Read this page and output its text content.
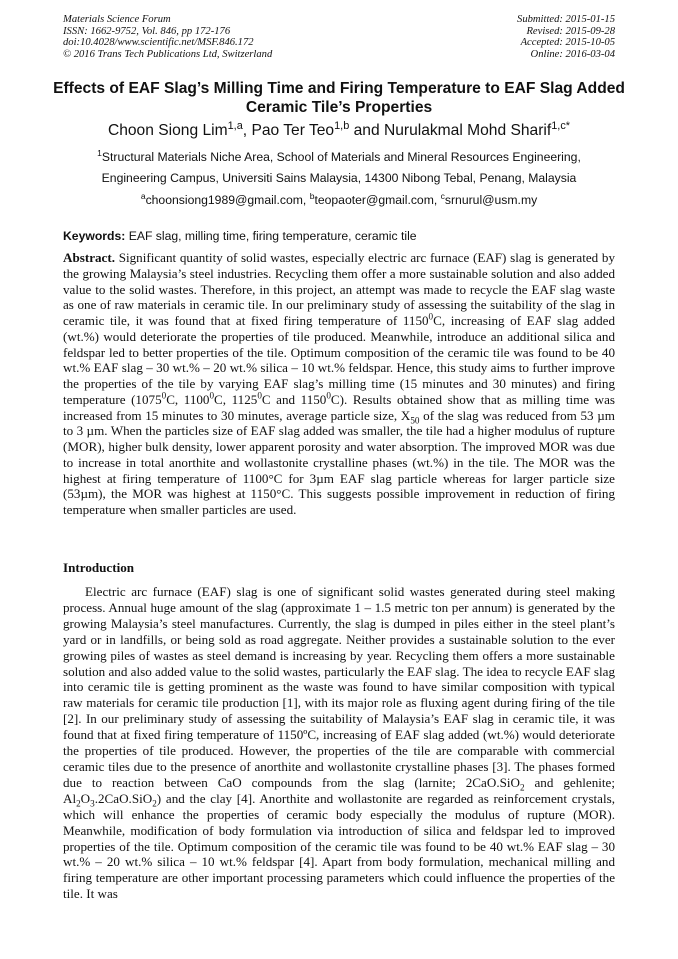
Materials Science Forum
ISSN: 1662-9752, Vol. 846, pp 172-176
doi:10.4028/www.scientific.net/MSF.846.172
© 2016 Trans Tech Publications Ltd, Switzerland
Submitted: 2015-01-15
Revised: 2015-09-28
Accepted: 2015-10-05
Online: 2016-03-04
Effects of EAF Slag’s Milling Time and Firing Temperature to EAF Slag Added Ceramic Tile’s Properties
Choon Siong Lim$^{1,a}$, Pao Ter Teo$^{1,b}$ and Nurulakmal Mohd Sharif$^{1,c*}$
$^1$Structural Materials Niche Area, School of Materials and Mineral Resources Engineering,
Engineering Campus, Universiti Sains Malaysia, 14300 Nibong Tebal, Penang, Malaysia
$^a$choonsiong1989@gmail.com, $^b$teopaoter@gmail.com, $^c$srnurul@usm.my
Keywords: EAF slag, milling time, firing temperature, ceramic tile
Abstract. Significant quantity of solid wastes, especially electric arc furnace (EAF) slag is generated by the growing Malaysia’s steel industries. Recycling them offer a more sustainable solution and also added value to the solid wastes. Therefore, in this project, an attempt was made to recycle the EAF slag waste as one of raw materials in ceramic tile. In our preliminary study of assessing the suitability of the slag in ceramic tile, it was found that at fixed firing temperature of 1150$^0$C, increasing of EAF slag added (wt.%) would deteriorate the properties of tile produced. Meanwhile, introduce an additional silica and feldspar led to better properties of the tile. Optimum composition of the ceramic tile was found to be 40 wt.% EAF slag – 30 wt.% – 20 wt.% silica – 10 wt.% feldspar. Hence, this study aims to further improve the properties of the tile by varying EAF slag’s milling time (15 minutes and 30 minutes) and firing temperature (1075$^0$C, 1100$^0$C, 1125$^0$C and 1150$^0$C). Results obtained show that as milling time was increased from 15 minutes to 30 minutes, average particle size, $X_{50}$ of the slag was reduced from 53 µm to 3 µm. When the particles size of EAF slag added was smaller, the tile had a higher modulus of rupture (MOR), higher bulk density, lower apparent porosity and water absorption. The improved MOR was due to increase in total anorthite and wollastonite crystalline phases (wt.%) in the tile. The MOR was the highest at firing temperature of 1100°C for 3µm EAF slag particle whereas for larger particle size (53µm), the MOR was highest at 1150°C. This suggests possible improvement in reduction of firing temperature when smaller particles are used.
Introduction
Electric arc furnace (EAF) slag is one of significant solid wastes generated during steel making process. Annual huge amount of the slag (approximate 1 – 1.5 metric ton per annum) is generated by the growing Malaysia’s steel manufactures. Currently, the slag is dumped in piles either in the steel plant’s yard or in landfills, or being sold as road aggregate. Neither provides a sustainable solution to the ever growing piles of wastes as steel demand is increasing by year. Recycling them offers a more sustainable solution and also added value to the solid wastes, particularly the EAF slag. The idea to recycle EAF slag into ceramic tile is getting prominent as the waste was found to have similar composition with typical raw materials for ceramic tile production [1], with its major role as fluxing agent during firing of the tile [2]. In our preliminary study of assessing the suitability of Malaysia’s EAF slag in ceramic tile, it was found that at fixed firing temperature of 1150ºC, increasing of EAF slag added (wt.%) would deteriorate the properties of tile produced. However, the properties of the tile are comparable with commercial ceramic tiles due to the presence of anorthite and wollastonite crystalline phases [3]. The phases formed due to reaction between CaO compounds from the slag (larnite; 2CaO.SiO$_2$ and gehlenite; $Al_2O_3.2CaO.SiO_2$) and the clay [4]. Anorthite and wollastonite are regarded as reinforcement crystals, which will enhance the properties of ceramic body especially the modulus of rupture (MOR). Meanwhile, modification of body formulation via introduction of silica and feldspar led to improved properties of the tile. Optimum composition of the ceramic tile was found to be 40 wt.% EAF slag – 30 wt.% – 20 wt.% silica – 10 wt.% feldspar [4]. Apart from body formulation, mechanical milling and firing temperature are other important processing parameters which could influence the properties of the tile. It was
